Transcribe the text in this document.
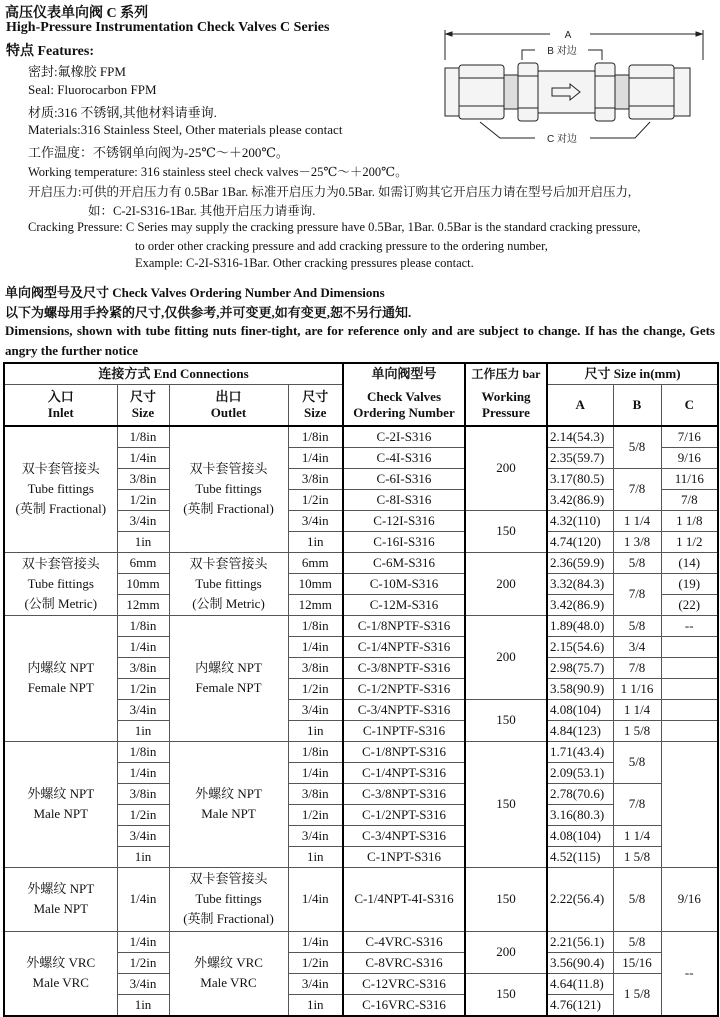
高压仪表单向阀 C 系列
High-Pressure Instrumentation Check Valves C Series
特点 Features:
密封:氟橡胶 FPM
Seal: Fluorocarbon FPM
材质:316 不锈钢,其他材料请垂询.
Materials:316 Stainless Steel, Other materials please contact
工作温度：不锈钢单向阀为-25℃～＋200℃。
Working temperature: 316 stainless steel check valves－25℃～＋200℃。
开启压力:可供的开启压力有 0.5Bar 1Bar. 标准开启压力为0.5Bar. 如需订购其它开启压力请在型号后加开启压力,
如：C-2I-S316-1Bar. 其他开启压力请垂询.
Cracking Pressure: C Series may supply the cracking pressure have 0.5Bar, 1Bar. 0.5Bar is the standard cracking pressure,
to order other cracking pressure and add cracking pressure to the ordering number,
Example: C-2I-S316-1Bar. Other cracking pressures please contact.
A
B 对边
C 对边
单向阀型号及尺寸 Check Valves Ordering Number And Dimensions
以下为螺母用手拎紧的尺寸,仅供参考,并可变更,如有变更,恕不另行通知.
Dimensions, shown with tube fitting nuts finer-tight, are for reference only and are subject to change. If has the change, Gets angry the further notice
连接方式 End Connections				单向阀型号	工作压力 bar	尺寸 Size in(mm)		
入口
Inlet	尺寸
Size	出口
Outlet	尺寸
Size	Check Valves
Ordering Number	Working
Pressure	A	B	C
双卡套管接头
Tube fittings
(英制 Fractional)	1/8in	双卡套管接头
Tube fittings
(英制 Fractional)	1/8in	C-2I-S316	200	2.14(54.3)	5/8	7/16
	1/4in		1/4in	C-4I-S316		2.35(59.7)		9/16
	3/8in		3/8in	C-6I-S316		3.17(80.5)	7/8	11/16
	1/2in		1/2in	C-8I-S316		3.42(86.9)		7/8
	3/4in		3/4in	C-12I-S316	150	4.32(110)	1 1/4	1 1/8
	1in		1in	C-16I-S316		4.74(120)	1 3/8	1 1/2
双卡套管接头
Tube fittings
(公制 Metric)	6mm	双卡套管接头
Tube fittings
(公制 Metric)	6mm	C-6M-S316	200	2.36(59.9)	5/8	(14)
	10mm		10mm	C-10M-S316		3.32(84.3)	7/8	(19)
	12mm		12mm	C-12M-S316		3.42(86.9)		(22)
内螺纹 NPT
Female NPT	1/8in	内螺纹 NPT
Female NPT	1/8in	C-1/8NPTF-S316	200	1.89(48.0)	5/8	--
	1/4in		1/4in	C-1/4NPTF-S316		2.15(54.6)	3/4	
	3/8in		3/8in	C-3/8NPTF-S316		2.98(75.7)	7/8	
	1/2in		1/2in	C-1/2NPTF-S316		3.58(90.9)	1 1/16	
	3/4in		3/4in	C-3/4NPTF-S316	150	4.08(104)	1 1/4	
	1in		1in	C-1NPTF-S316		4.84(123)	1 5/8	
外螺纹 NPT
Male NPT	1/8in	外螺纹 NPT
Male NPT	1/8in	C-1/8NPT-S316	150	1.71(43.4)	5/8	
	1/4in		1/4in	C-1/4NPT-S316		2.09(53.1)		
	3/8in		3/8in	C-3/8NPT-S316		2.78(70.6)	7/8	
	1/2in		1/2in	C-1/2NPT-S316		3.16(80.3)		
	3/4in		3/4in	C-3/4NPT-S316		4.08(104)	1 1/4	
	1in		1in	C-1NPT-S316		4.52(115)	1 5/8	
外螺纹 NPT
Male NPT	1/4in	双卡套管接头
Tube fittings
(英制 Fractional)	1/4in	C-1/4NPT-4I-S316	150	2.22(56.4)	5/8	9/16
外螺纹 VRC
Male VRC	1/4in	外螺纹 VRC
Male VRC	1/4in	C-4VRC-S316	200	2.21(56.1)	5/8	--
	1/2in		1/2in	C-8VRC-S316		3.56(90.4)	15/16	
	3/4in		3/4in	C-12VRC-S316	150	4.64(11.8)	1 5/8	
	1in		1in	C-16VRC-S316		4.76(121)		
